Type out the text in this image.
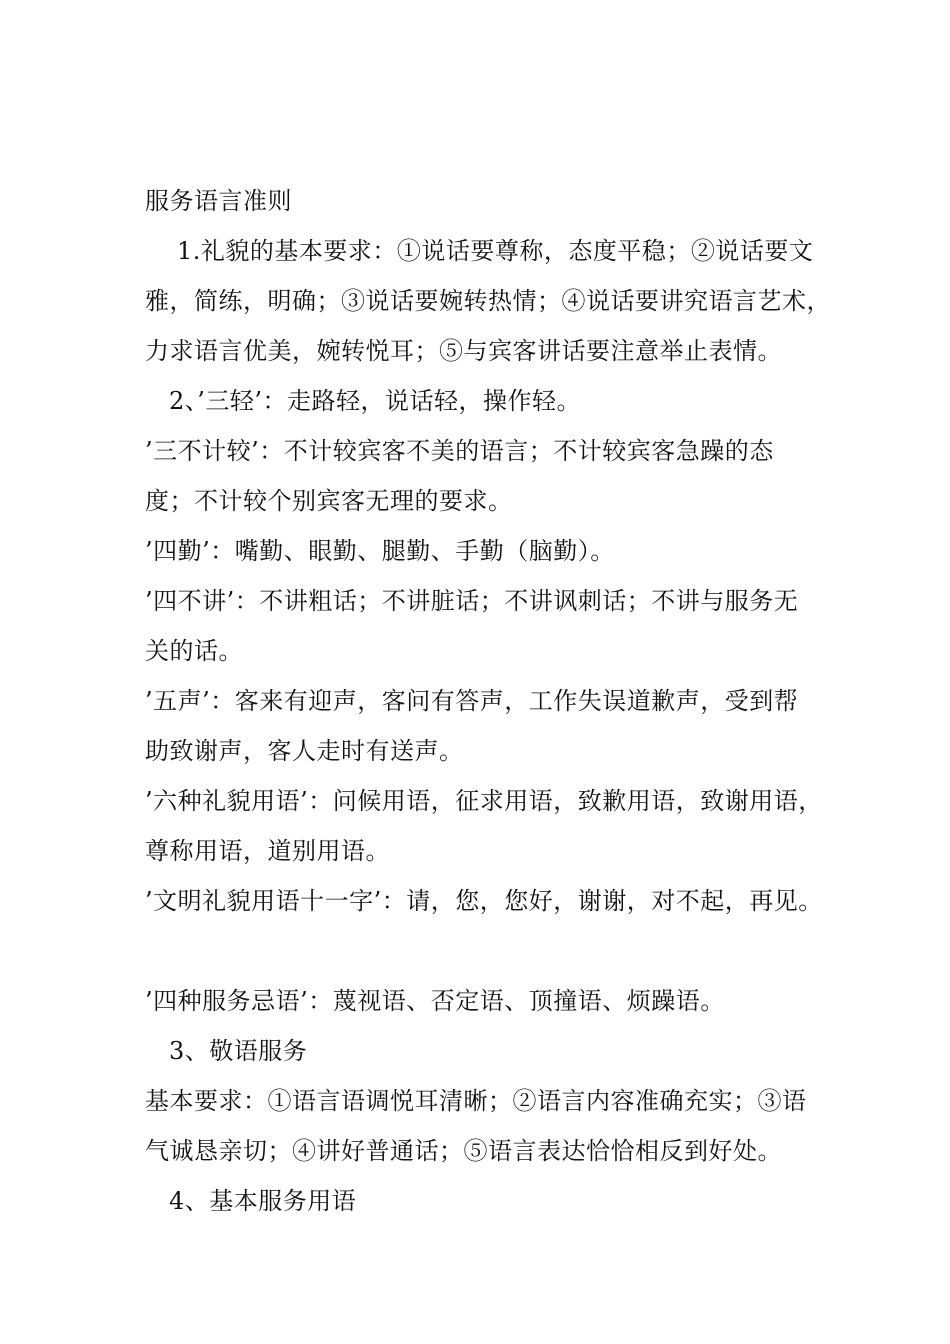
服务语言准则
1.礼貌的基本要求：①说话要尊称，态度平稳；②说话要文
雅，简练，明确；③说话要婉转热情；④说话要讲究语言艺术，
力求语言优美，婉转悦耳；⑤与宾客讲话要注意举止表情。
2、’三轻’：走路轻，说话轻，操作轻。
’三不计较’：不计较宾客不美的语言；不计较宾客急躁的态
度；不计较个别宾客无理的要求。
’四勤’：嘴勤、眼勤、腿勤、手勤（脑勤）。
’四不讲’：不讲粗话；不讲脏话；不讲讽刺话；不讲与服务无
关的话。
’五声’：客来有迎声，客问有答声，工作失误道歉声，受到帮
助致谢声，客人走时有送声。
’六种礼貌用语’：问候用语，征求用语，致歉用语，致谢用语，
尊称用语，道别用语。
’文明礼貌用语十一字’：请，您，您好，谢谢，对不起，再见。
’四种服务忌语’：蔑视语、否定语、顶撞语、烦躁语。
3、敬语服务
基本要求：①语言语调悦耳清晰；②语言内容准确充实；③语
气诚恳亲切；④讲好普通话；⑤语言表达恰恰相反到好处。
4、基本服务用语
